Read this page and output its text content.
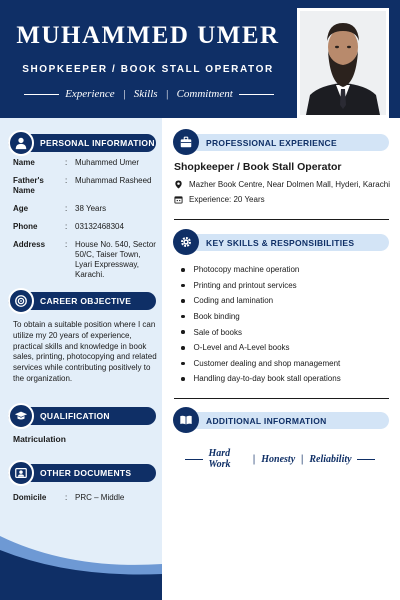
MUHAMMED UMER
SHOPKEEPER / BOOK STALL OPERATOR
Experience | Skills | Commitment
PERSONAL INFORMATION
Name	: Muhammed Umer
Father's Name
: Muhammad Rasheed
Age	: 38 Years
Phone	: 03132468304
Address	: House No. 540, Sector 50/C, Taiser Town, Lyari Expressway, Karachi.
CAREER OBJECTIVE
To obtain a suitable position where I can utilize my 20 years of experience, practical skills and knowledge in book sales, printing, photocopying and related services while contributing positively to the organization.
QUALIFICATION
Matriculation
OTHER DOCUMENTS
Domicile	: PRC – Middle
PROFESSIONAL EXPERIENCE
Shopkeeper / Book Stall Operator
Mazher Book Centre, Near Dolmen Mall, Hyderi, Karachi
Experience: 20 Years
KEY SKILLS & RESPONSIBILITIES
Photocopy machine operation
Printing and printout services
Coding and lamination
Book binding
Sale of books
O-Level and A-Level books
Customer dealing and shop management
Handling day-to-day book stall operations
ADDITIONAL INFORMATION
Hard Work	| Honesty | Reliability
